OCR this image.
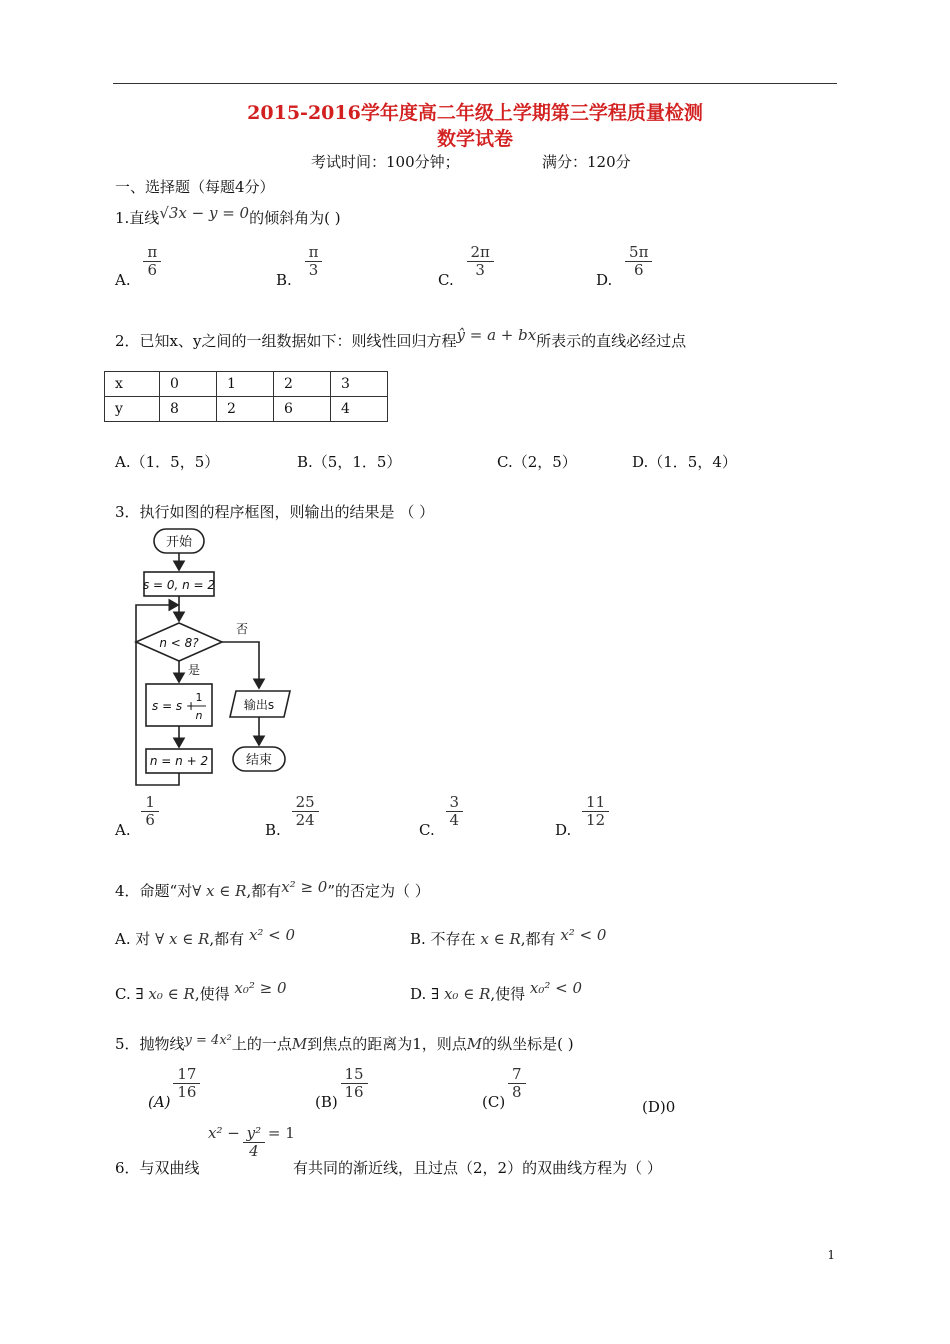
2015-2016学年度高二年级上学期第三学程质量检测
数学试卷
考试时间：100分钟；	满分：120分
一、选择题（每题4分）
1.直线√3x − y = 0的倾斜角为( )
A.
$\frac{\pi}{6}$
B.
$\frac{\pi}{3}$
C.
$\frac{2\pi}{3}$
D.
$\frac{5\pi}{6}$
2．已知x、y之间的一组数据如下：则线性回归方程ŷ = a + bx所表示的直线必经过点
x	0	1	2	3
y	8	2	6	4
A.（1．5，5）	B.（5，1．5）	C.（2，5）	D.（1．5，4）
3．执行如图的程序框图，则输出的结果是 （ ）
开始
s = 0, n = 2
n < 8?
否
是
s = s +
1
n
n = n + 2
输出s
结束
A.
$\frac{1}{6}$
B.
$\frac{25}{24}$
C.
$\frac{3}{4}$
D.
$\frac{11}{12}$
4．命题“对∀ x ∈ R,都有x² ≥ 0”的否定为（ ）
A. 对 ∀ x ∈ R,都有 x² < 0	B. 不存在 x ∈ R,都有 x² < 0
C. ∃ x₀ ∈ R,使得 x₀² ≥ 0	D. ∃ x₀ ∈ R,使得 x₀² < 0
5．抛物线y = 4x²上的一点M到焦点的距离为1，则点M的纵坐标是( )
(A)
$\frac{17}{16}$
(B)
$\frac{15}{16}$
(C)
$\frac{7}{8}$
(D)0
6．与双曲线
$x^2 - \frac{\text{y²}}{4} = 1$
有共同的渐近线，且过点（2，2）的双曲线方程为（ ）
1
